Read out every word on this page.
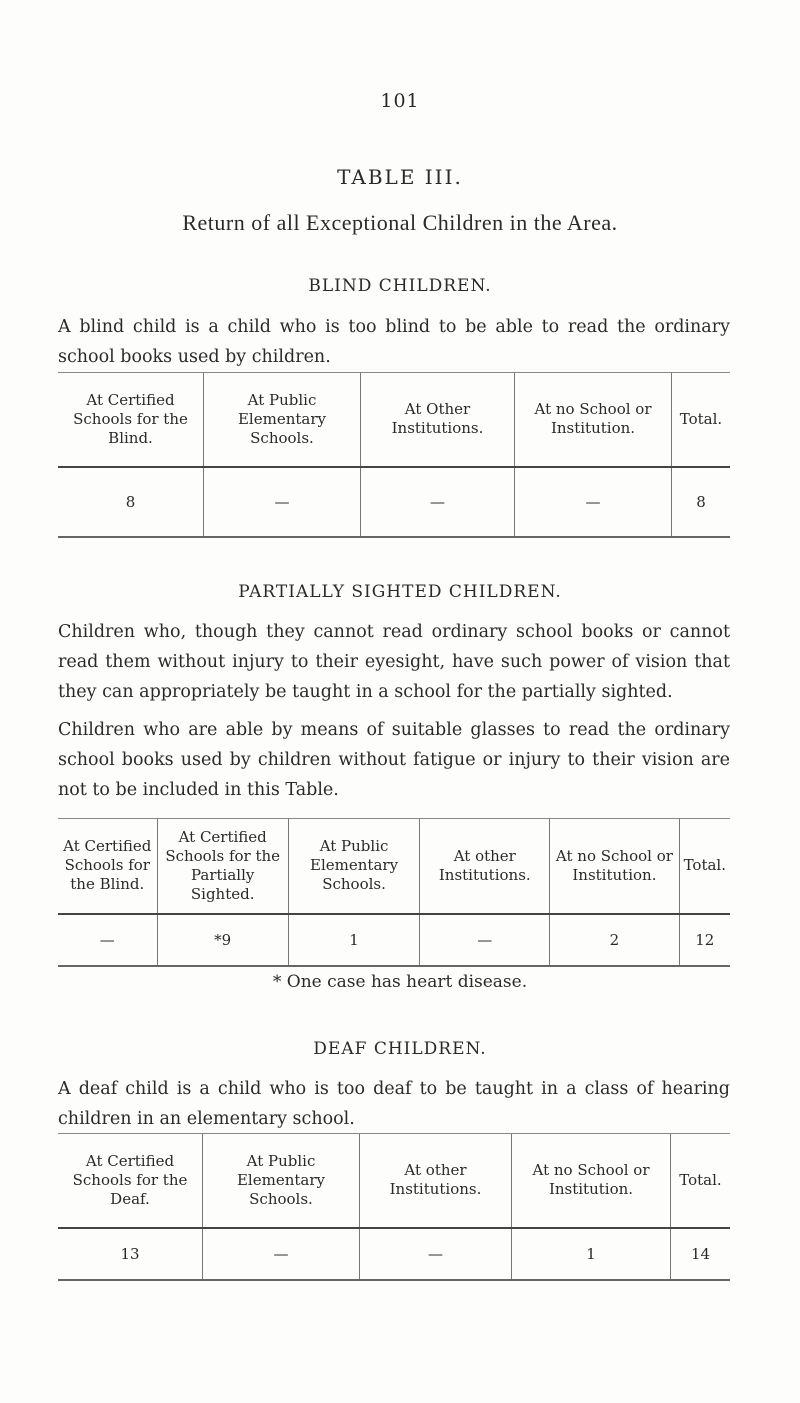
101
TABLE III.
Return of all Exceptional Children in the Area.
BLIND CHILDREN.
A blind child is a child who is too blind to be able to read the ordinary school books used by children.
At Certified Schools for the Blind.	At Public Elementary Schools.	At Other Institutions.	At no School or Institution.	Total.
8	—	—	—	8
PARTIALLY SIGHTED CHILDREN.
Children who, though they cannot read ordinary school books or cannot read them without injury to their eyesight, have such power of vision that they can appropriately be taught in a school for the partially sighted.
Children who are able by means of suitable glasses to read the ordinary school books used by children without fatigue or injury to their vision are not to be included in this Table.
At Certified Schools for the Blind.	At Certified Schools for the Partially Sighted.	At Public Elementary Schools.	At other Institutions.	At no School or Institution.	Total.
—	*9	1	—	2	12
* One case has heart disease.
DEAF CHILDREN.
A deaf child is a child who is too deaf to be taught in a class of hearing children in an elementary school.
At Certified Schools for the Deaf.	At Public Elementary Schools.	At other Institutions.	At no School or Institution.	Total.
13	—	—	1	14
